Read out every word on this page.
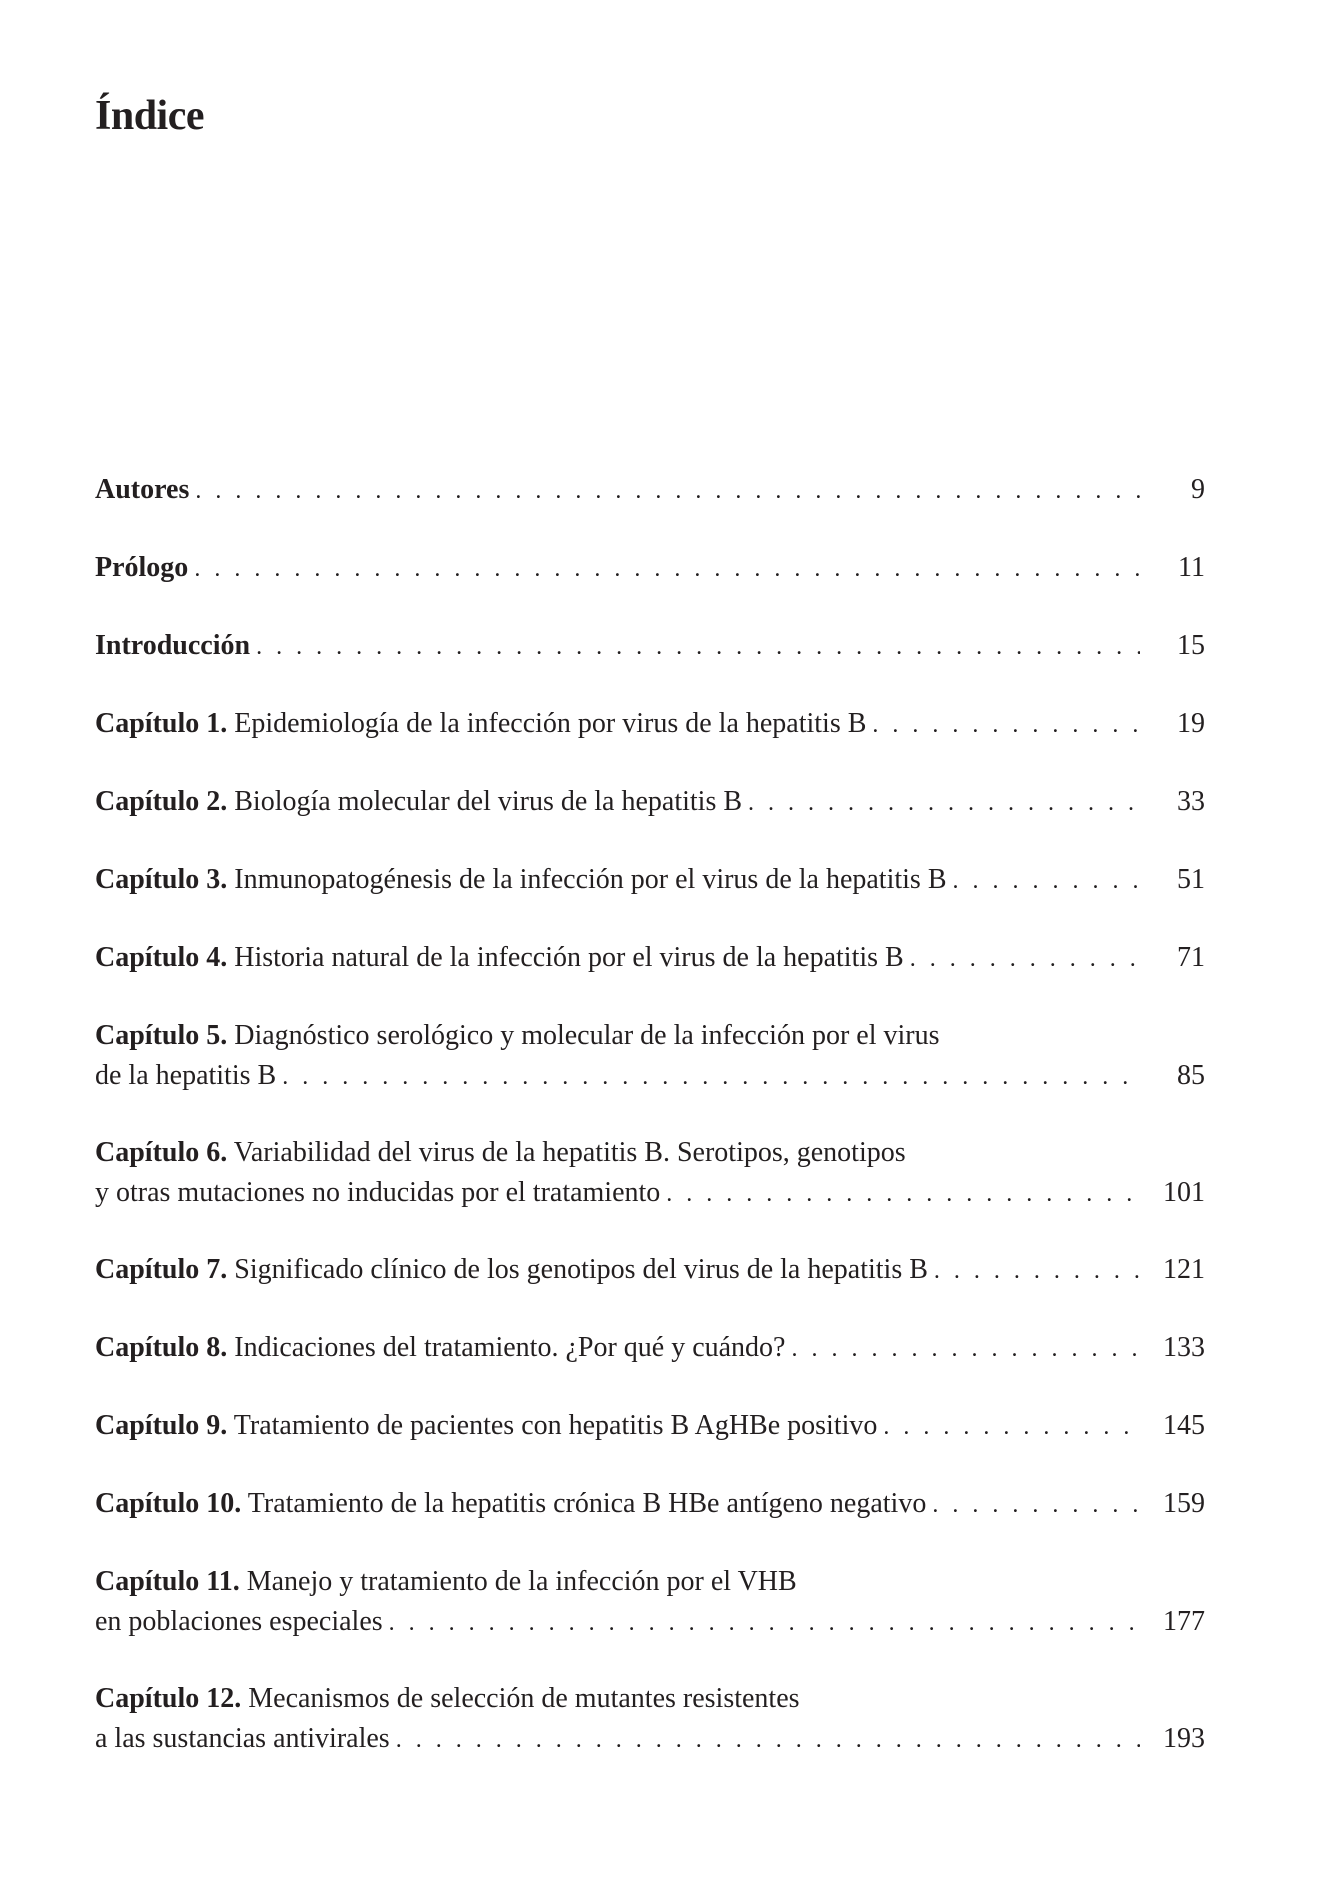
Índice
Autores . . .	9
Prólogo . . .	11
Introducción . . .	15
Capítulo 1. Epidemiología de la infección por virus de la hepatitis B . . .	19
Capítulo 2. Biología molecular del virus de la hepatitis B . . .	33
Capítulo 3. Inmunopatogénesis de la infección por el virus de la hepatitis B . . .	51
Capítulo 4. Historia natural de la infección por el virus de la hepatitis B . . .	71
Capítulo 5. Diagnóstico serológico y molecular de la infección por el virus
de la hepatitis B . . .	85
Capítulo 6. Variabilidad del virus de la hepatitis B. Serotipos, genotipos
y otras mutaciones no inducidas por el tratamiento . . .	101
Capítulo 7. Significado clínico de los genotipos del virus de la hepatitis B . . .	121
Capítulo 8. Indicaciones del tratamiento. ¿Por qué y cuándo? . . .	133
Capítulo 9. Tratamiento de pacientes con hepatitis B AgHBe positivo . . .	145
Capítulo 10. Tratamiento de la hepatitis crónica B HBe antígeno negativo . . .	159
Capítulo 11. Manejo y tratamiento de la infección por el VHB
en poblaciones especiales . . .	177
Capítulo 12. Mecanismos de selección de mutantes resistentes
a las sustancias antivirales . . .	193
